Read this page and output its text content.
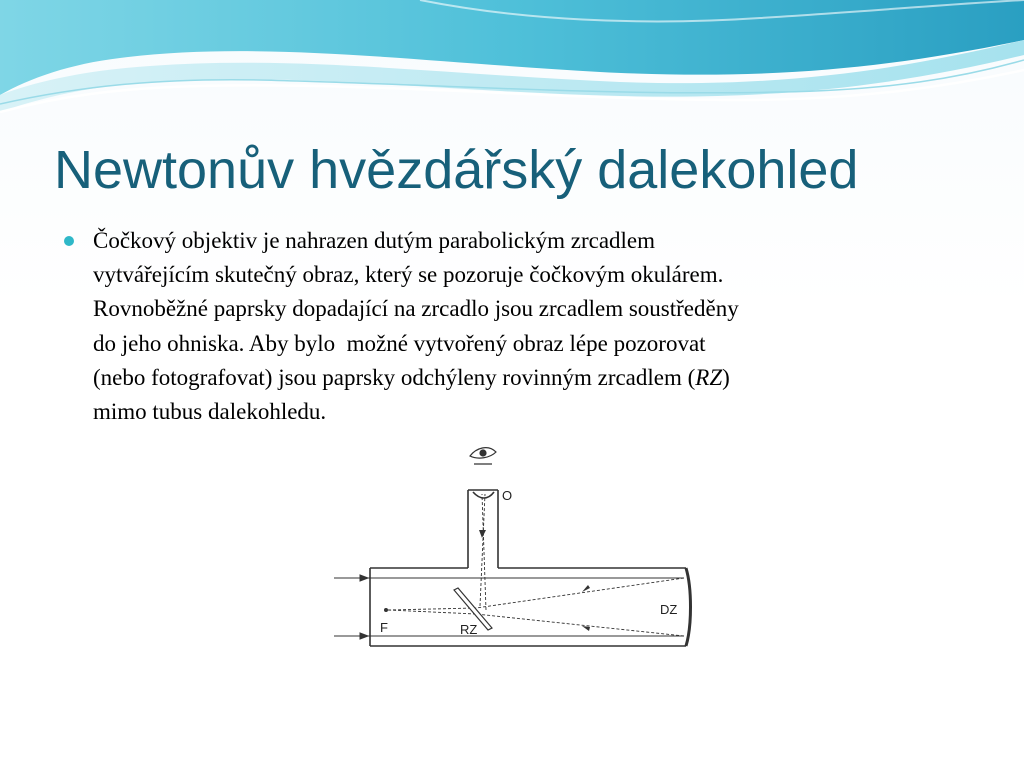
Newtonův hvězdářský dalekohled
Čočkový objektiv je nahrazen dutým parabolickým zrcadlem
vytvářejícím skutečný obraz, který se pozoruje čočkovým okulárem.
Rovnoběžné paprsky dopadající na zrcadlo jsou zrcadlem soustředěny
do jeho ohniska. Aby bylo  možné vytvořený obraz lépe pozorovat
(nebo fotografovat) jsou paprsky odchýleny rovinným zrcadlem (RZ)
mimo tubus dalekohledu.
O
F	RZ
DZ
